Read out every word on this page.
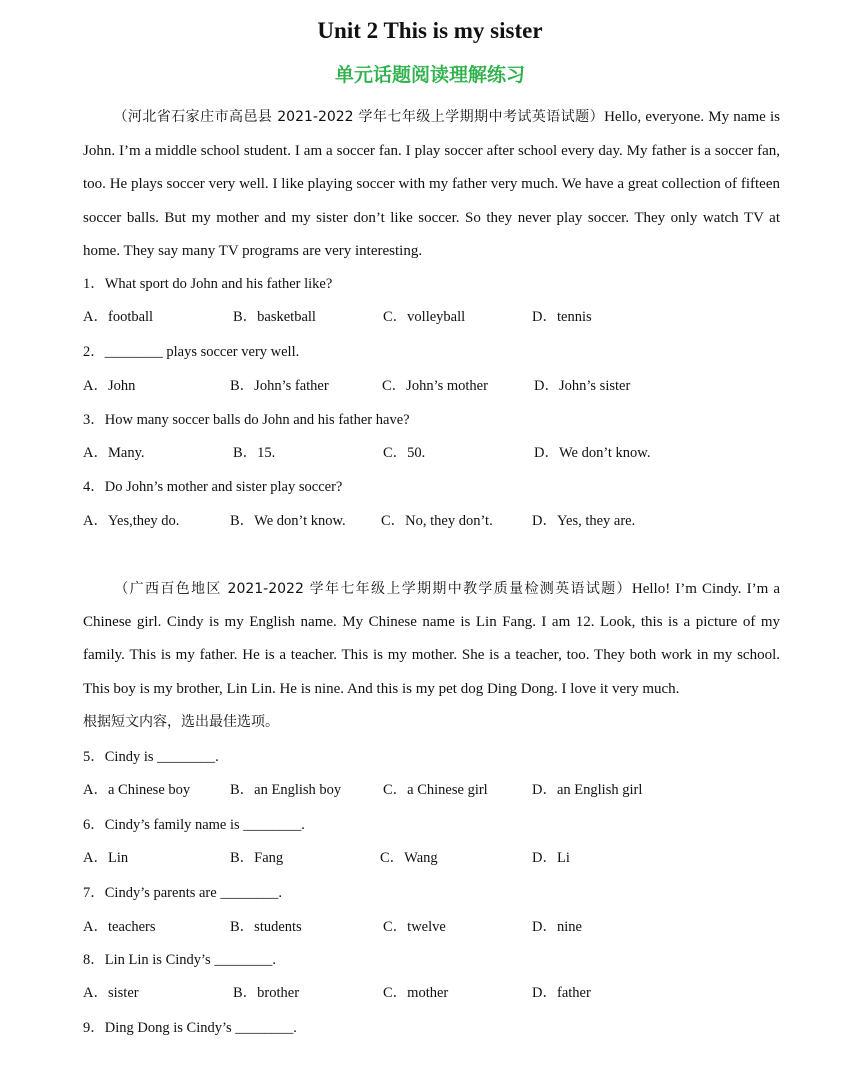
Unit 2 This is my sister
单元话题阅读理解练习
（河北省石家庄市高邑县 2021-2022 学年七年级上学期期中考试英语试题）Hello, everyone. My name is John. I’m a middle school student. I am a soccer fan. I play soccer after school every day. My father is a soccer fan, too. He plays soccer very well. I like playing soccer with my father very much. We have a great collection of fifteen soccer balls. But my mother and my sister don’t like soccer. So they never play soccer. They only watch TV at home. They say many TV programs are very interesting.
1．What sport do John and his father like?
A．football	B．basketball	C．volleyball	D．tennis
2．________ plays soccer very well.
A．John	B．John’s father	C．John’s mother	D．John’s sister
3．How many soccer balls do John and his father have?
A．Many.	B．15.	C．50.	D．We don’t know.
4．Do John’s mother and sister play soccer?
A．Yes,they do.	B．We don’t know. C．No, they don’t.	D．Yes, they are.
（广西百色地区 2021-2022 学年七年级上学期期中教学质量检测英语试题）Hello! I’m Cindy. I’m a Chinese girl. Cindy is my English name. My Chinese name is Lin Fang. I am 12. Look, this is a picture of my family. This is my father. He is a teacher. This is my mother. She is a teacher, too. They both work in my school. This boy is my brother, Lin Lin. He is nine. And this is my pet dog Ding Dong. I love it very much.
根据短文内容，选出最佳选项。
5．Cindy is ________.
A．a Chinese boy	B．an English boy	C．a Chinese girl	D．an English girl
6．Cindy’s family name is ________.
A．Lin	B．Fang	C．Wang	D．Li
7．Cindy’s parents are ________.
A．teachers	B．students	C．twelve	D．nine
8．Lin Lin is Cindy’s ________.
A．sister	B．brother	C．mother	D．father
9．Ding Dong is Cindy’s ________.
